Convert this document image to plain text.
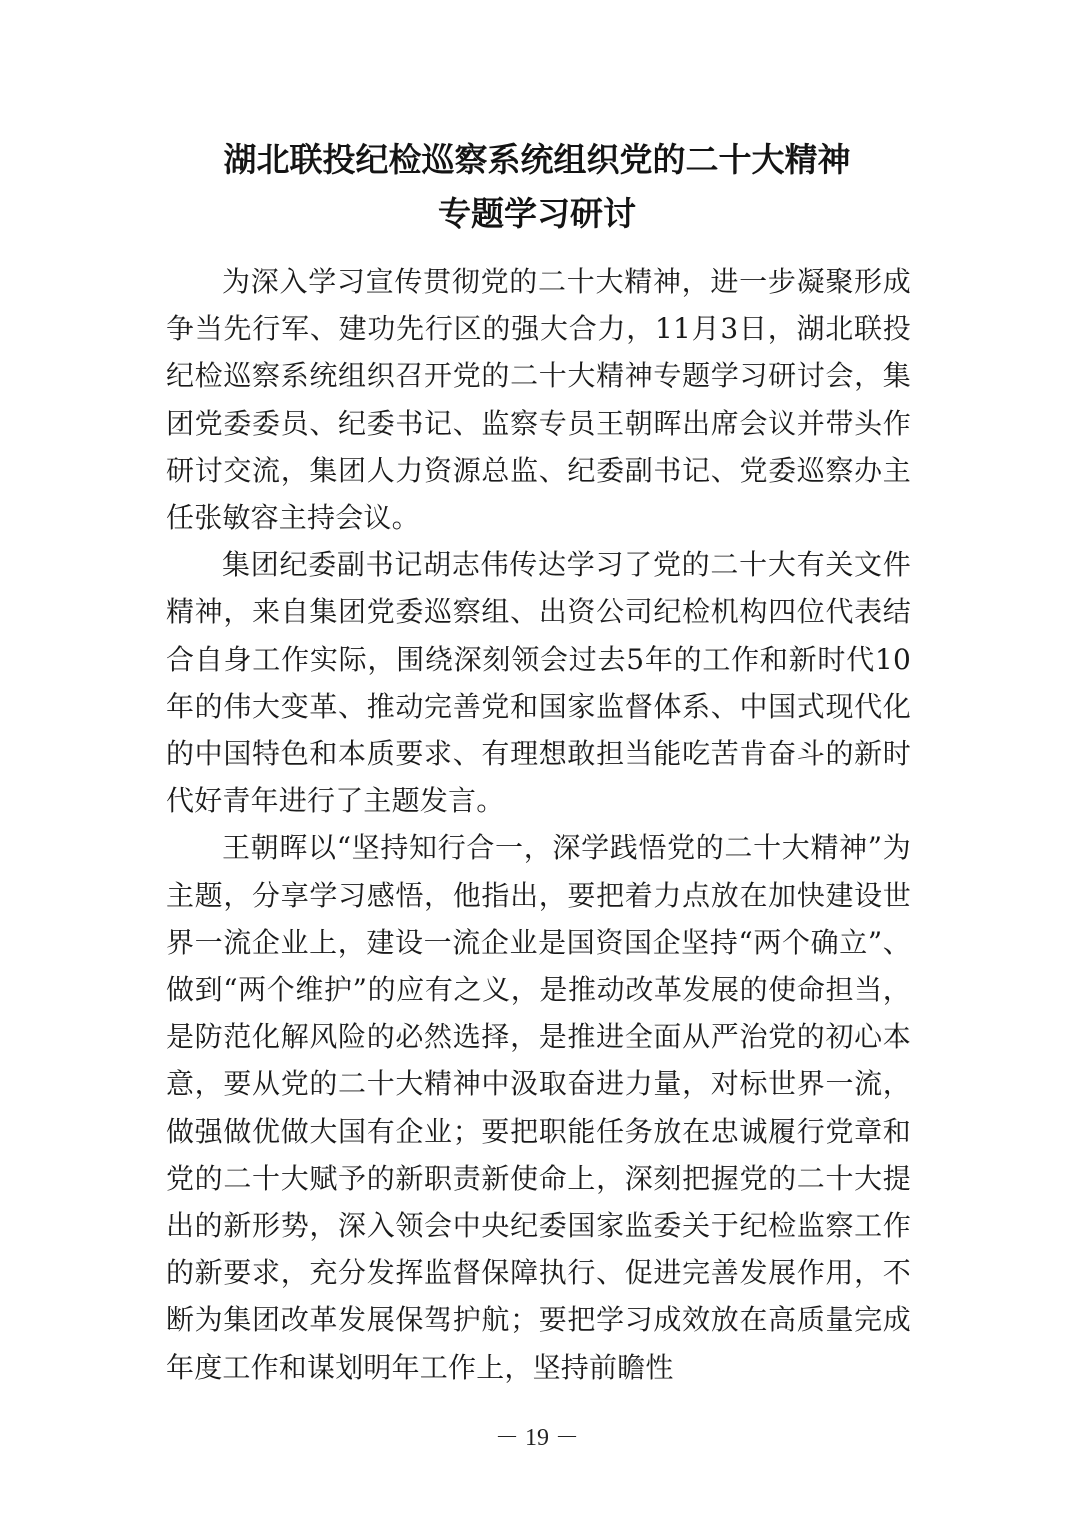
湖北联投纪检巡察系统组织党的二十大精神
专题学习研讨

为深入学习宣传贯彻党的二十大精神，进一步凝聚形成争当先行军、建功先行区的强大合力，11月3日，湖北联投纪检巡察系统组织召开党的二十大精神专题学习研讨会，集团党委委员、纪委书记、监察专员王朝晖出席会议并带头作研讨交流，集团人力资源总监、纪委副书记、党委巡察办主任张敏容主持会议。

集团纪委副书记胡志伟传达学习了党的二十大有关文件精神，来自集团党委巡察组、出资公司纪检机构四位代表结合自身工作实际，围绕深刻领会过去5年的工作和新时代10年的伟大变革、推动完善党和国家监督体系、中国式现代化的中国特色和本质要求、有理想敢担当能吃苦肯奋斗的新时代好青年进行了主题发言。

王朝晖以“坚持知行合一，深学践悟党的二十大精神”为主题，分享学习感悟，他指出，要把着力点放在加快建设世界一流企业上，建设一流企业是国资国企坚持“两个确立”、做到“两个维护”的应有之义，是推动改革发展的使命担当，是防范化解风险的必然选择，是推进全面从严治党的初心本意，要从党的二十大精神中汲取奋进力量，对标世界一流，做强做优做大国有企业；要把职能任务放在忠诚履行党章和党的二十大赋予的新职责新使命上，深刻把握党的二十大提出的新形势，深入领会中央纪委国家监委关于纪检监察工作的新要求，充分发挥监督保障执行、促进完善发展作用，不断为集团改革发展保驾护航；要把学习成效放在高质量完成年度工作和谋划明年工作上，坚持前瞻性

－ 19 －
